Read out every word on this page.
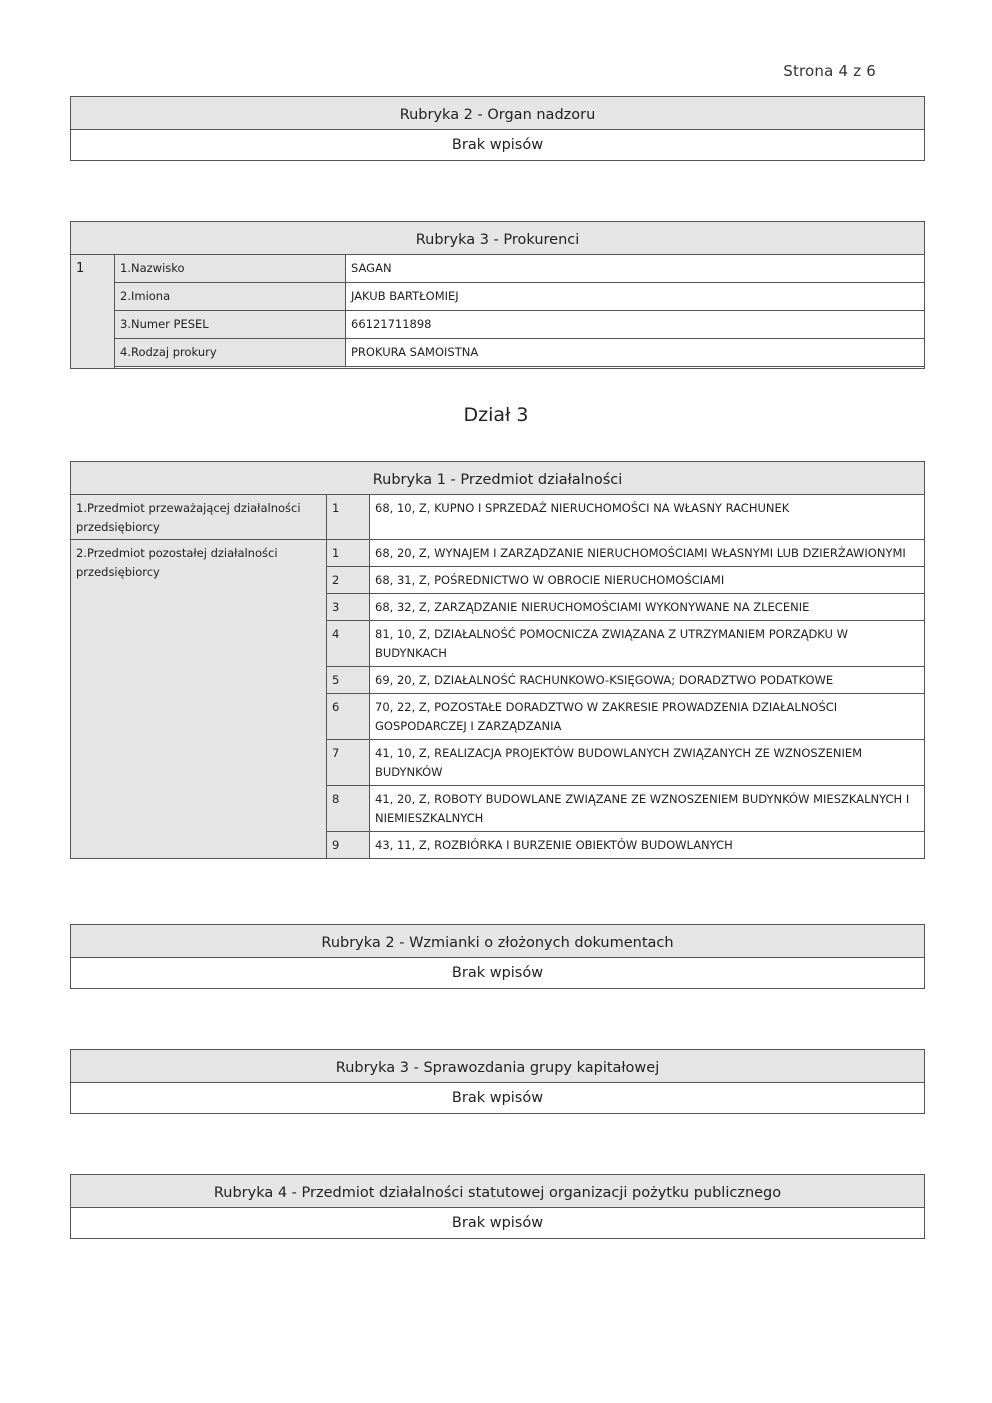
Strona 4 z 6
Rubryka 2 - Organ nadzoru
Brak wpisów
Rubryka 3 - Prokurenci
1	1.Nazwisko	SAGAN
	2.Imiona	JAKUB BARTŁOMIEJ
	3.Numer PESEL	66121711898
	4.Rodzaj prokury	PROKURA SAMOISTNA

Dział 3
Rubryka 1 - Przedmiot działalności
1.Przedmiot przeważającej działalności przedsiębiorcy	1	68, 10, Z, KUPNO I SPRZEDAŻ NIERUCHOMOŚCI NA WŁASNY RACHUNEK
2.Przedmiot pozostałej działalności przedsiębiorcy	1	68, 20, Z, WYNAJEM I ZARZĄDZANIE NIERUCHOMOŚCIAMI WŁASNYMI LUB DZIERŻAWIONYMI
	2	68, 31, Z, POŚREDNICTWO W OBROCIE NIERUCHOMOŚCIAMI
	3	68, 32, Z, ZARZĄDZANIE NIERUCHOMOŚCIAMI WYKONYWANE NA ZLECENIE
	4	81, 10, Z, DZIAŁALNOŚĆ POMOCNICZA ZWIĄZANA Z UTRZYMANIEM PORZĄDKU W BUDYNKACH
	5	69, 20, Z, DZIAŁALNOŚĆ RACHUNKOWO-KSIĘGOWA; DORADZTWO PODATKOWE
	6	70, 22, Z, POZOSTAŁE DORADZTWO W ZAKRESIE PROWADZENIA DZIAŁALNOŚCI GOSPODARCZEJ I ZARZĄDZANIA
	7	41, 10, Z, REALIZACJA PROJEKTÓW BUDOWLANYCH ZWIĄZANYCH ZE WZNOSZENIEM BUDYNKÓW
	8	41, 20, Z, ROBOTY BUDOWLANE ZWIĄZANE ZE WZNOSZENIEM BUDYNKÓW MIESZKALNYCH I NIEMIESZKALNYCH
	9	43, 11, Z, ROZBIÓRKA I BURZENIE OBIEKTÓW BUDOWLANYCH
Rubryka 2 - Wzmianki o złożonych dokumentach
Brak wpisów
Rubryka 3 - Sprawozdania grupy kapitałowej
Brak wpisów
Rubryka 4 - Przedmiot działalności statutowej organizacji pożytku publicznego
Brak wpisów
